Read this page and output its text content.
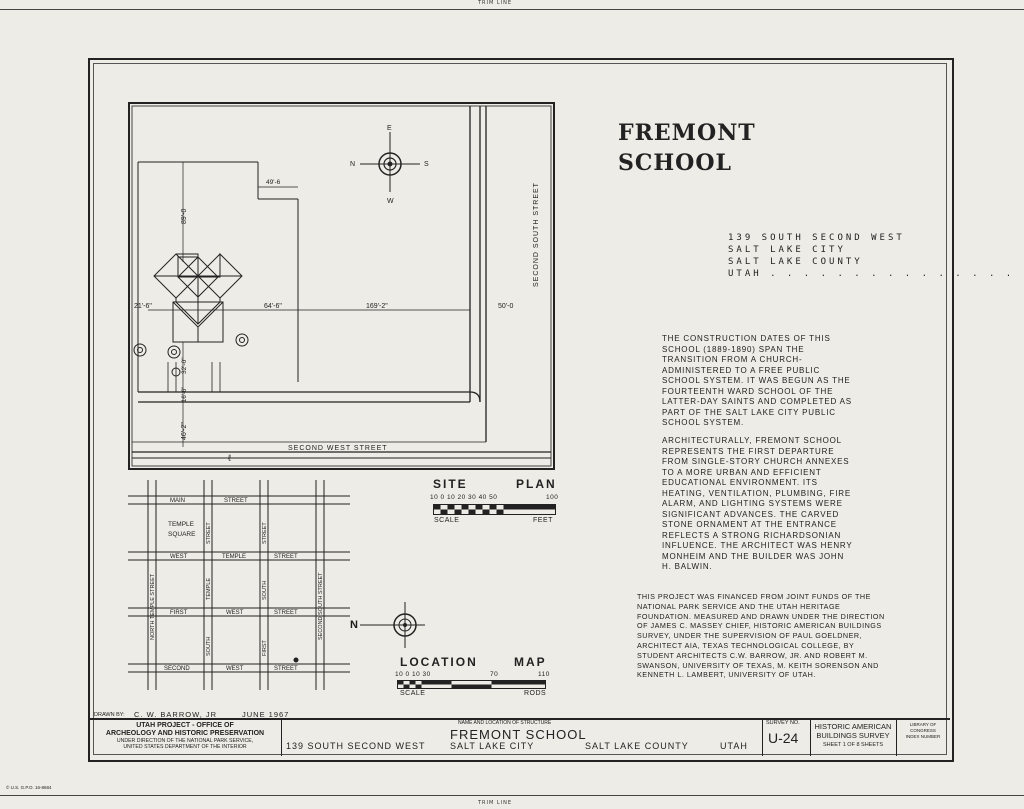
TRIM LINE
TRIM LINE
FREMONT
SCHOOL
139 SOUTH SECOND WEST
SALT LAKE CITY
SALT LAKE COUNTY
UTAH . . . . . . . . . . . . . . .
THE CONSTRUCTION DATES OF THIS SCHOOL (1889-1890) SPAN THE TRANSITION FROM A CHURCH-ADMINISTERED TO A FREE PUBLIC SCHOOL SYSTEM. IT WAS BEGUN AS THE FOURTEENTH WARD SCHOOL OF THE LATTER-DAY SAINTS AND COMPLETED AS PART OF THE SALT LAKE CITY PUBLIC SCHOOL SYSTEM.
ARCHITECTURALLY, FREMONT SCHOOL REPRESENTS THE FIRST DEPARTURE FROM SINGLE-STORY CHURCH ANNEXES TO A MORE URBAN AND EFFICIENT EDUCATIONAL ENVIRONMENT. ITS HEATING, VENTILATION, PLUMBING, FIRE ALARM, AND LIGHTING SYSTEMS WERE SIGNIFICANT ADVANCES. THE CARVED STONE ORNAMENT AT THE ENTRANCE REFLECTS A STRONG RICHARDSONIAN INFLUENCE. THE ARCHITECT WAS HENRY MONHEIM AND THE BUILDER WAS JOHN H. BALWIN.
THIS PROJECT WAS FINANCED FROM JOINT FUNDS OF THE NATIONAL PARK SERVICE AND THE UTAH HERITAGE FOUNDATION. MEASURED AND DRAWN UNDER THE DIRECTION OF JAMES C. MASSEY CHIEF, HISTORIC AMERICAN BUILDINGS SURVEY, UNDER THE SUPERVISION OF PAUL GOELDNER, ARCHITECT AIA, TEXAS TECHNOLOGICAL COLLEGE, BY STUDENT ARCHITECTS C.W. BARROW, JR. AND ROBERT M. SWANSON, UNIVERSITY OF TEXAS, M. KEITH SORENSON AND KENNETH L. LAMBERT, UNIVERSITY OF UTAH.
SECOND WEST STREET
SECOND SOUTH STREET
89'-0
49'-6
21'-6"	64'-6"	169'-2"	50'-0
32'-0"
16'-6"
46'-2"
ℓ
E
W
N	S
SITE	PLAN
10 0 10 20 30 40 50	100
SCALE	FEET
MAIN	STREET
TEMPLE
SQUARE
WEST	TEMPLE	STREET
FIRST	WEST	STREET
SECOND	WEST	STREET
NORTH TEMPLE STREET
STREET
TEMPLE
SOUTH
STREET
SOUTH
FIRST
SECOND SOUTH STREET N
LOCATION	MAP
10 0 10 30	70	110
SCALE	RODS
DRAWN BY: C. W. BARROW, JR	JUNE 1967
UTAH PROJECT - OFFICE OF
ARCHEOLOGY AND HISTORIC PRESERVATION
UNDER DIRECTION OF THE NATIONAL PARK SERVICE,
UNITED STATES DEPARTMENT OF THE INTERIOR
NAME AND LOCATION OF STRUCTURE
FREMONT SCHOOL
139 SOUTH SECOND WEST	SALT LAKE CITY	SALT LAKE COUNTY	UTAH
SURVEY NO.
U-24
HISTORIC AMERICAN
BUILDINGS SURVEY
SHEET 1 OF 8 SHEETS
LIBRARY OF CONGRESS
INDEX NUMBER
© U.S. G.P.O. 16-8684
